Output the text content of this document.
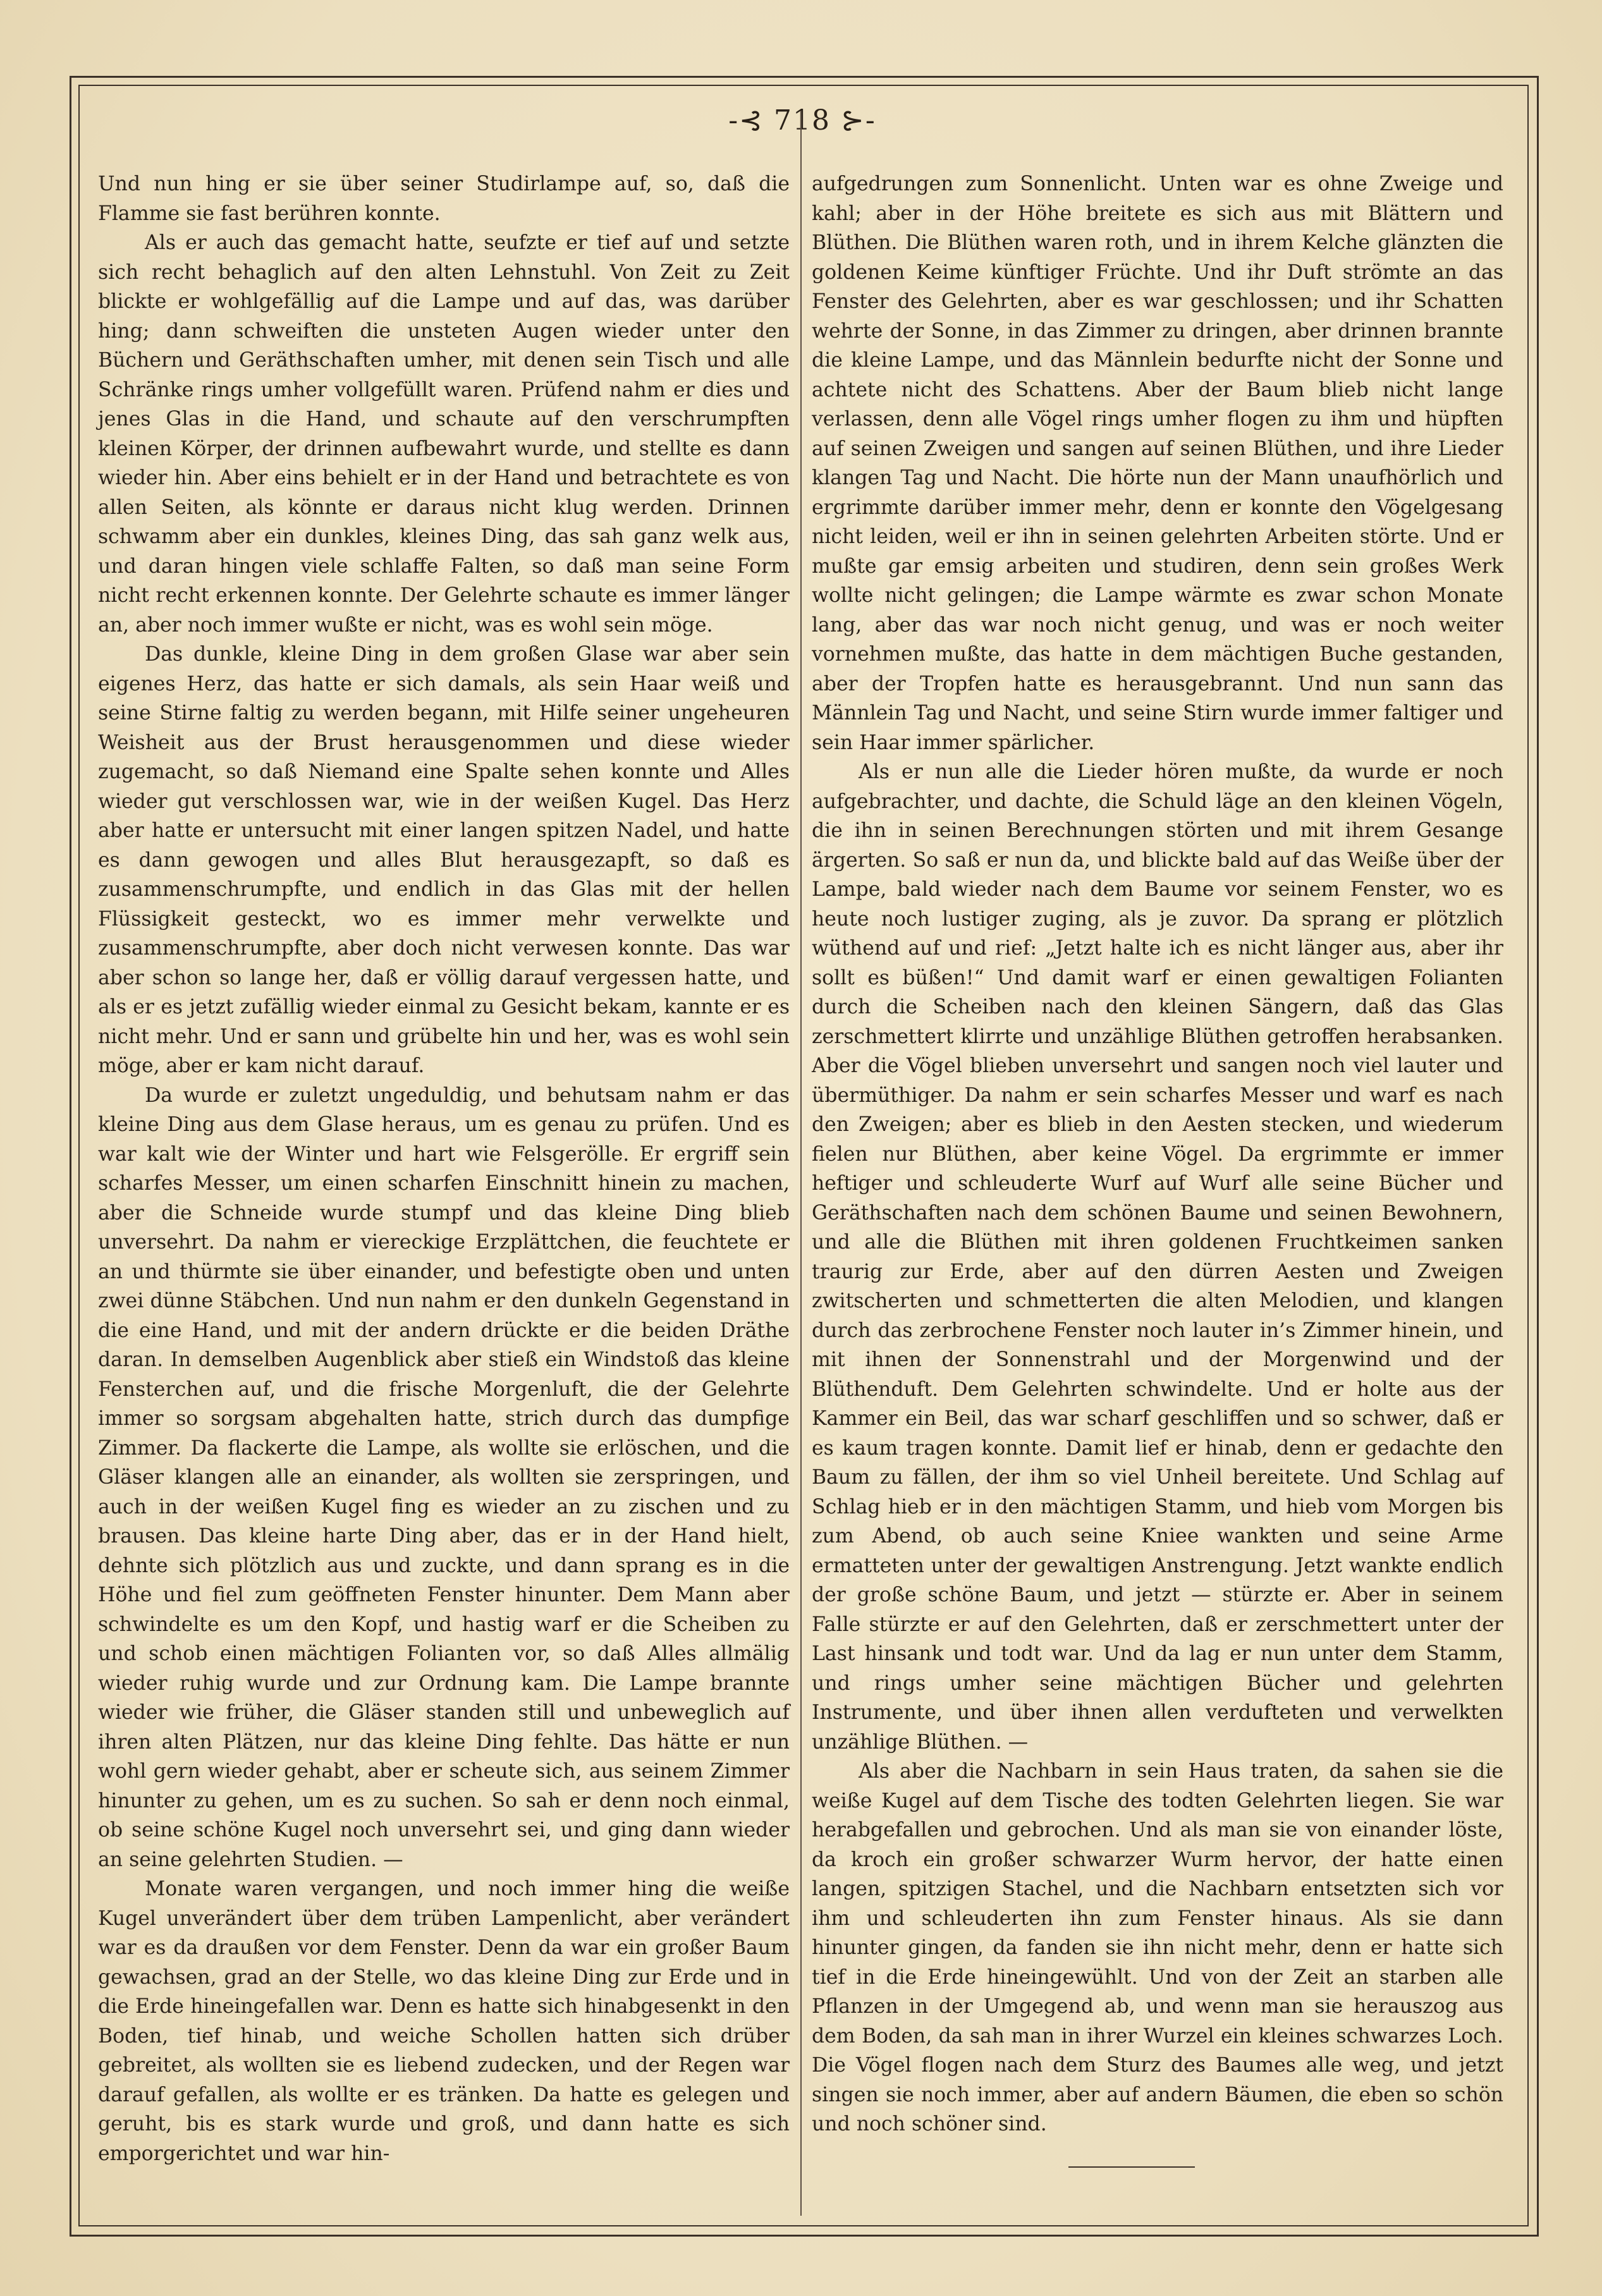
-⊰ 718 ⊱-

Und nun hing er sie über seiner Studirlampe auf, so, daß die Flamme sie fast berühren konnte.

Als er auch das gemacht hatte, seufzte er tief auf und setzte sich recht behaglich auf den alten Lehnstuhl. Von Zeit zu Zeit blickte er wohlgefällig auf die Lampe und auf das, was darüber hing; dann schweiften die unsteten Augen wieder unter den Büchern und Geräthschaften umher, mit denen sein Tisch und alle Schränke rings umher vollgefüllt waren. Prüfend nahm er dies und jenes Glas in die Hand, und schaute auf den verschrumpften kleinen Körper, der drinnen aufbewahrt wurde, und stellte es dann wieder hin. Aber eins behielt er in der Hand und betrachtete es von allen Seiten, als könnte er daraus nicht klug werden. Drinnen schwamm aber ein dunkles, kleines Ding, das sah ganz welk aus, und daran hingen viele schlaffe Falten, so daß man seine Form nicht recht erkennen konnte. Der Gelehrte schaute es immer länger an, aber noch immer wußte er nicht, was es wohl sein möge.

Das dunkle, kleine Ding in dem großen Glase war aber sein eigenes Herz, das hatte er sich damals, als sein Haar weiß und seine Stirne faltig zu werden begann, mit Hilfe seiner ungeheuren Weisheit aus der Brust herausgenommen und diese wieder zugemacht, so daß Niemand eine Spalte sehen konnte und Alles wieder gut verschlossen war, wie in der weißen Kugel. Das Herz aber hatte er untersucht mit einer langen spitzen Nadel, und hatte es dann gewogen und alles Blut herausgezapft, so daß es zusammenschrumpfte, und endlich in das Glas mit der hellen Flüssigkeit gesteckt, wo es immer mehr verwelkte und zusammenschrumpfte, aber doch nicht verwesen konnte. Das war aber schon so lange her, daß er völlig darauf vergessen hatte, und als er es jetzt zufällig wieder einmal zu Gesicht bekam, kannte er es nicht mehr. Und er sann und grübelte hin und her, was es wohl sein möge, aber er kam nicht darauf.

Da wurde er zuletzt ungeduldig, und behutsam nahm er das kleine Ding aus dem Glase heraus, um es genau zu prüfen. Und es war kalt wie der Winter und hart wie Felsgerölle. Er ergriff sein scharfes Messer, um einen scharfen Einschnitt hinein zu machen, aber die Schneide wurde stumpf und das kleine Ding blieb unversehrt. Da nahm er viereckige Erzplättchen, die feuchtete er an und thürmte sie über einander, und befestigte oben und unten zwei dünne Stäbchen. Und nun nahm er den dunkeln Gegenstand in die eine Hand, und mit der andern drückte er die beiden Dräthe daran. In demselben Augenblick aber stieß ein Windstoß das kleine Fensterchen auf, und die frische Morgenluft, die der Gelehrte immer so sorgsam abgehalten hatte, strich durch das dumpfige Zimmer. Da flackerte die Lampe, als wollte sie erlöschen, und die Gläser klangen alle an einander, als wollten sie zerspringen, und auch in der weißen Kugel fing es wieder an zu zischen und zu brausen. Das kleine harte Ding aber, das er in der Hand hielt, dehnte sich plötzlich aus und zuckte, und dann sprang es in die Höhe und fiel zum geöffneten Fenster hinunter. Dem Mann aber schwindelte es um den Kopf, und hastig warf er die Scheiben zu und schob einen mächtigen Folianten vor, so daß Alles allmälig wieder ruhig wurde und zur Ordnung kam. Die Lampe brannte wieder wie früher, die Gläser standen still und unbeweglich auf ihren alten Plätzen, nur das kleine Ding fehlte. Das hätte er nun wohl gern wieder gehabt, aber er scheute sich, aus seinem Zimmer hinunter zu gehen, um es zu suchen. So sah er denn noch einmal, ob seine schöne Kugel noch unversehrt sei, und ging dann wieder an seine gelehrten Studien. —

Monate waren vergangen, und noch immer hing die weiße Kugel unverändert über dem trüben Lampenlicht, aber verändert war es da draußen vor dem Fenster. Denn da war ein großer Baum gewachsen, grad an der Stelle, wo das kleine Ding zur Erde und in die Erde hineingefallen war. Denn es hatte sich hinabgesenkt in den Boden, tief hinab, und weiche Schollen hatten sich drüber gebreitet, als wollten sie es liebend zudecken, und der Regen war darauf gefallen, als wollte er es tränken. Da hatte es gelegen und geruht, bis es stark wurde und groß, und dann hatte es sich emporgerichtet und war hin-

aufgedrungen zum Sonnenlicht. Unten war es ohne Zweige und kahl; aber in der Höhe breitete es sich aus mit Blättern und Blüthen. Die Blüthen waren roth, und in ihrem Kelche glänzten die goldenen Keime künftiger Früchte. Und ihr Duft strömte an das Fenster des Gelehrten, aber es war geschlossen; und ihr Schatten wehrte der Sonne, in das Zimmer zu dringen, aber drinnen brannte die kleine Lampe, und das Männlein bedurfte nicht der Sonne und achtete nicht des Schattens. Aber der Baum blieb nicht lange verlassen, denn alle Vögel rings umher flogen zu ihm und hüpften auf seinen Zweigen und sangen auf seinen Blüthen, und ihre Lieder klangen Tag und Nacht. Die hörte nun der Mann unaufhörlich und ergrimmte darüber immer mehr, denn er konnte den Vögelgesang nicht leiden, weil er ihn in seinen gelehrten Arbeiten störte. Und er mußte gar emsig arbeiten und studiren, denn sein großes Werk wollte nicht gelingen; die Lampe wärmte es zwar schon Monate lang, aber das war noch nicht genug, und was er noch weiter vornehmen mußte, das hatte in dem mächtigen Buche gestanden, aber der Tropfen hatte es herausgebrannt. Und nun sann das Männlein Tag und Nacht, und seine Stirn wurde immer faltiger und sein Haar immer spärlicher.

Als er nun alle die Lieder hören mußte, da wurde er noch aufgebrachter, und dachte, die Schuld läge an den kleinen Vögeln, die ihn in seinen Berechnungen störten und mit ihrem Gesange ärgerten. So saß er nun da, und blickte bald auf das Weiße über der Lampe, bald wieder nach dem Baume vor seinem Fenster, wo es heute noch lustiger zuging, als je zuvor. Da sprang er plötzlich wüthend auf und rief: „Jetzt halte ich es nicht länger aus, aber ihr sollt es büßen!“ Und damit warf er einen gewaltigen Folianten durch die Scheiben nach den kleinen Sängern, daß das Glas zerschmettert klirrte und unzählige Blüthen getroffen herabsanken. Aber die Vögel blieben unversehrt und sangen noch viel lauter und übermüthiger. Da nahm er sein scharfes Messer und warf es nach den Zweigen; aber es blieb in den Aesten stecken, und wiederum fielen nur Blüthen, aber keine Vögel. Da ergrimmte er immer heftiger und schleuderte Wurf auf Wurf alle seine Bücher und Geräthschaften nach dem schönen Baume und seinen Bewohnern, und alle die Blüthen mit ihren goldenen Fruchtkeimen sanken traurig zur Erde, aber auf den dürren Aesten und Zweigen zwitscherten und schmetterten die alten Melodien, und klangen durch das zerbrochene Fenster noch lauter in’s Zimmer hinein, und mit ihnen der Sonnenstrahl und der Morgenwind und der Blüthenduft. Dem Gelehrten schwindelte. Und er holte aus der Kammer ein Beil, das war scharf geschliffen und so schwer, daß er es kaum tragen konnte. Damit lief er hinab, denn er gedachte den Baum zu fällen, der ihm so viel Unheil bereitete. Und Schlag auf Schlag hieb er in den mächtigen Stamm, und hieb vom Morgen bis zum Abend, ob auch seine Kniee wankten und seine Arme ermatteten unter der gewaltigen Anstrengung. Jetzt wankte endlich der große schöne Baum, und jetzt — stürzte er. Aber in seinem Falle stürzte er auf den Gelehrten, daß er zerschmettert unter der Last hinsank und todt war. Und da lag er nun unter dem Stamm, und rings umher seine mächtigen Bücher und gelehrten Instrumente, und über ihnen allen verdufteten und verwelkten unzählige Blüthen. —

Als aber die Nachbarn in sein Haus traten, da sahen sie die weiße Kugel auf dem Tische des todten Gelehrten liegen. Sie war herabgefallen und gebrochen. Und als man sie von einander löste, da kroch ein großer schwarzer Wurm hervor, der hatte einen langen, spitzigen Stachel, und die Nachbarn entsetzten sich vor ihm und schleuderten ihn zum Fenster hinaus. Als sie dann hinunter gingen, da fanden sie ihn nicht mehr, denn er hatte sich tief in die Erde hineingewühlt. Und von der Zeit an starben alle Pflanzen in der Umgegend ab, und wenn man sie herauszog aus dem Boden, da sah man in ihrer Wurzel ein kleines schwarzes Loch. Die Vögel flogen nach dem Sturz des Baumes alle weg, und jetzt singen sie noch immer, aber auf andern Bäumen, die eben so schön und noch schöner sind.
